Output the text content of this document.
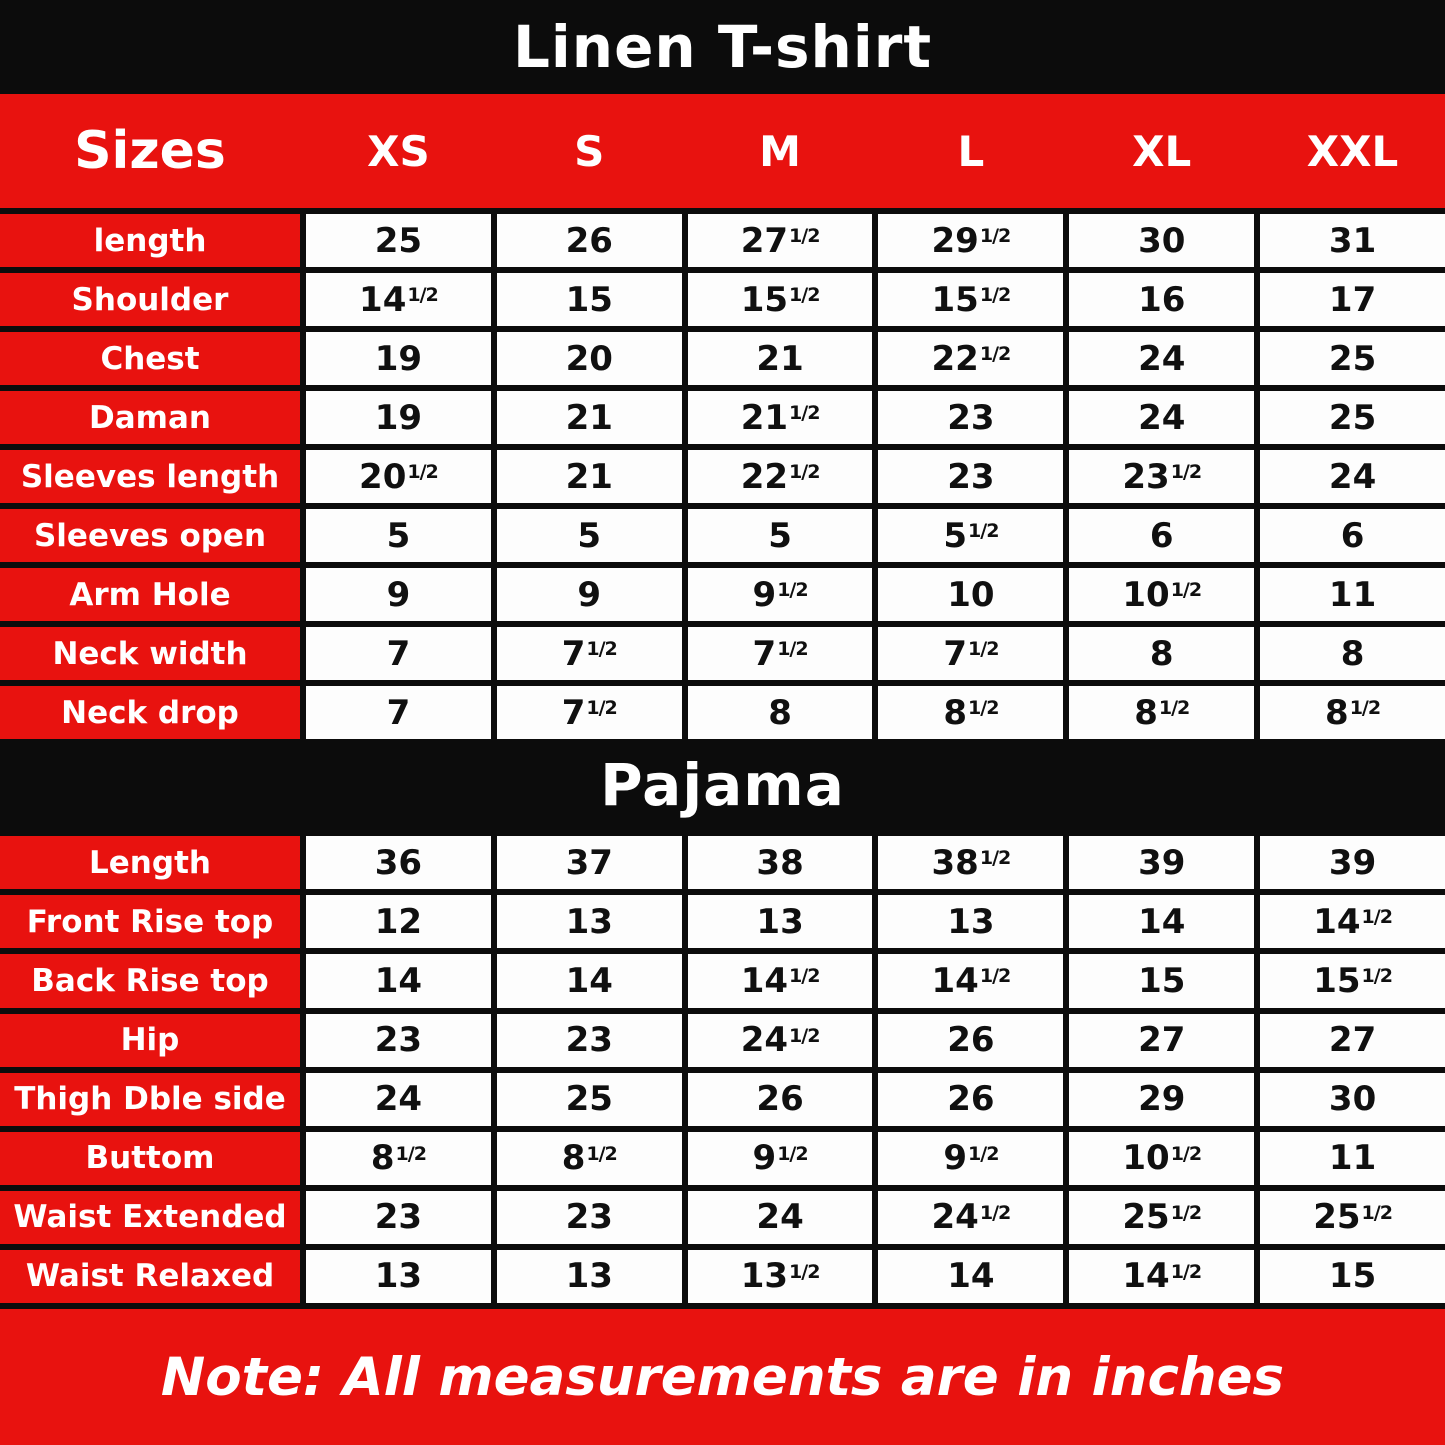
Linen T-shirt
Sizes	XS	S	M	L	XL	XXL
length	25	26	$27^{1/2}$	$29^{1/2}$	30	31
Shoulder	$14^{1/2}$	15	$15^{1/2}$	$15^{1/2}$	16	17
Chest	19	20	21	$22^{1/2}$	24	25
Daman	19	21	$21^{1/2}$	23	24	25
Sleeves length	$20^{1/2}$	21	$22^{1/2}$	23	$23^{1/2}$	24
Sleeves open	5	5	5	$5^{1/2}$	6	6
Arm Hole	9	9	$9^{1/2}$	10	$10^{1/2}$	11
Neck width	7	$7^{1/2}$	$7^{1/2}$	$7^{1/2}$	8	8
Neck drop	7	$7^{1/2}$	8	$8^{1/2}$	$8^{1/2}$	$8^{1/2}$
Pajama
Length	36	37	38	$38^{1/2}$	39	39
Front Rise top	12	13	13	13	14	$14^{1/2}$
Back Rise top	14	14	$14^{1/2}$	$14^{1/2}$	15	$15^{1/2}$
Hip	23	23	$24^{1/2}$	26	27	27
Thigh Dble side	24	25	26	26	29	30
Buttom	$8^{1/2}$	$8^{1/2}$	$9^{1/2}$	$9^{1/2}$	$10^{1/2}$	11
Waist Extended	23	23	24	$24^{1/2}$	$25^{1/2}$	$25^{1/2}$
Waist Relaxed	13	13	$13^{1/2}$	14	$14^{1/2}$	15
Note: All measurements are in inches
